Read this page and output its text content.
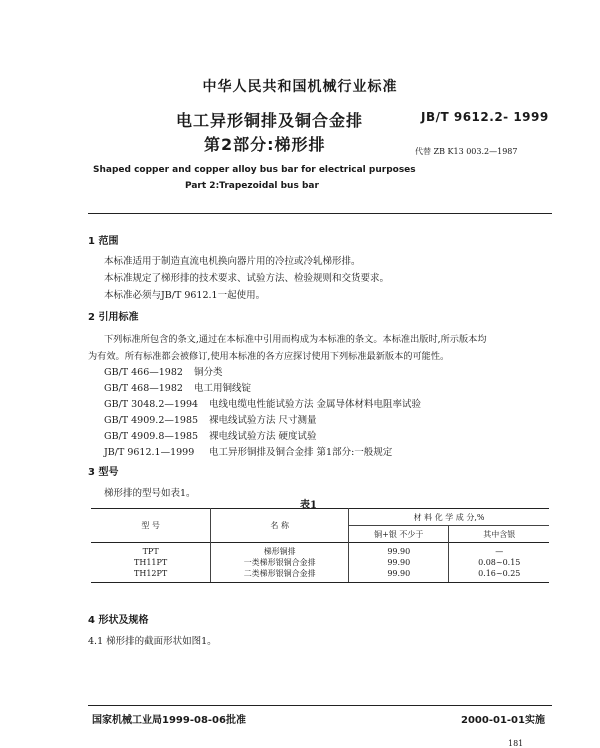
中华人民共和国机械行业标准
电工异形铜排及铜合金排
第2部分:梯形排
JB/T 9612.2- 1999
代替 ZB K13 003.2—1987
Shaped copper and copper alloy bus bar for electrical purposes
Part 2:Trapezoidal bus bar
1 范围
本标准适用于制造直流电机换向器片用的冷拉或冷轧梯形排。
本标准规定了梯形排的技术要求、试验方法、检验规则和交货要求。
本标准必须与JB/T 9612.1一起使用。
2 引用标准
下列标准所包含的条文,通过在本标准中引用而构成为本标准的条文。本标准出版时,所示版本均
为有效。所有标准都会被修订,使用本标准的各方应探讨使用下列标准最新版本的可能性。
GB/T 466—1982 铜分类
GB/T 468—1982 电工用铜线锭
GB/T 3048.2—1994 电线电缆电性能试验方法 金属导体材料电阻率试验
GB/T 4909.2—1985 裸电线试验方法 尺寸测量
GB/T 4909.8—1985 裸电线试验方法 硬度试验
JB/T 9612.1—1999 电工异形铜排及铜合金排 第1部分:一般规定
3 型号
梯形排的型号如表1。
表1
型 号	名 称	材 料 化 学 成 分,%	
		铜+银 不少于	其中含银
TPT	梯形铜排	99.90	—
TH11PT	一类梯形银铜合金排	99.90	0.08~0.15
TH12PT	二类梯形银铜合金排	99.90	0.16~0.25
4 形状及规格
4.1 梯形排的截面形状如图1。
国家机械工业局1999-08-06批准	2000-01-01实施
181
